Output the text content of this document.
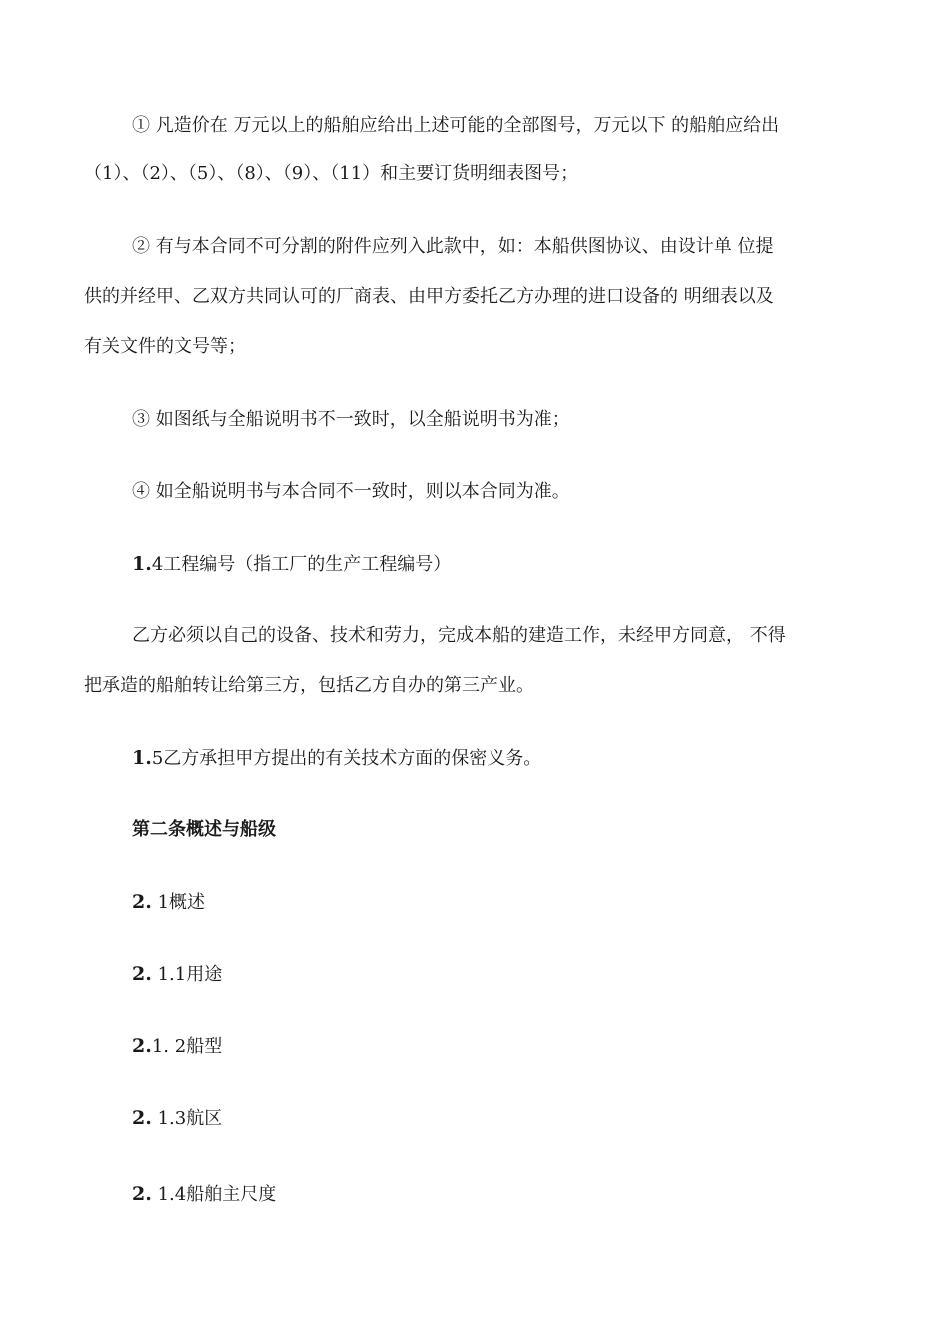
① 凡造价在 万元以上的船舶应给出上述可能的全部图号，万元以下 的船舶应给出

（1）、（2）、（5）、（8）、（9）、（11）和主要订货明细表图号；

② 有与本合同不可分割的附件应列入此款中，如：本船供图协议、由设计单 位提

供的并经甲、乙双方共同认可的厂商表、由甲方委托乙方办理的进口设备的 明细表以及

有关文件的文号等；

③ 如图纸与全船说明书不一致时，以全船说明书为准；

④ 如全船说明书与本合同不一致时，则以本合同为准。

1.4工程编号（指工厂的生产工程编号）

乙方必须以自己的设备、技术和劳力，完成本船的建造工作，未经甲方同意， 不得

把承造的船舶转让给第三方，包括乙方自办的第三产业。

1.5乙方承担甲方提出的有关技术方面的保密义务。

第二条概述与船级

2. 1概述

2. 1.1用途

2.1. 2船型

2. 1.3航区

2. 1.4船舶主尺度
